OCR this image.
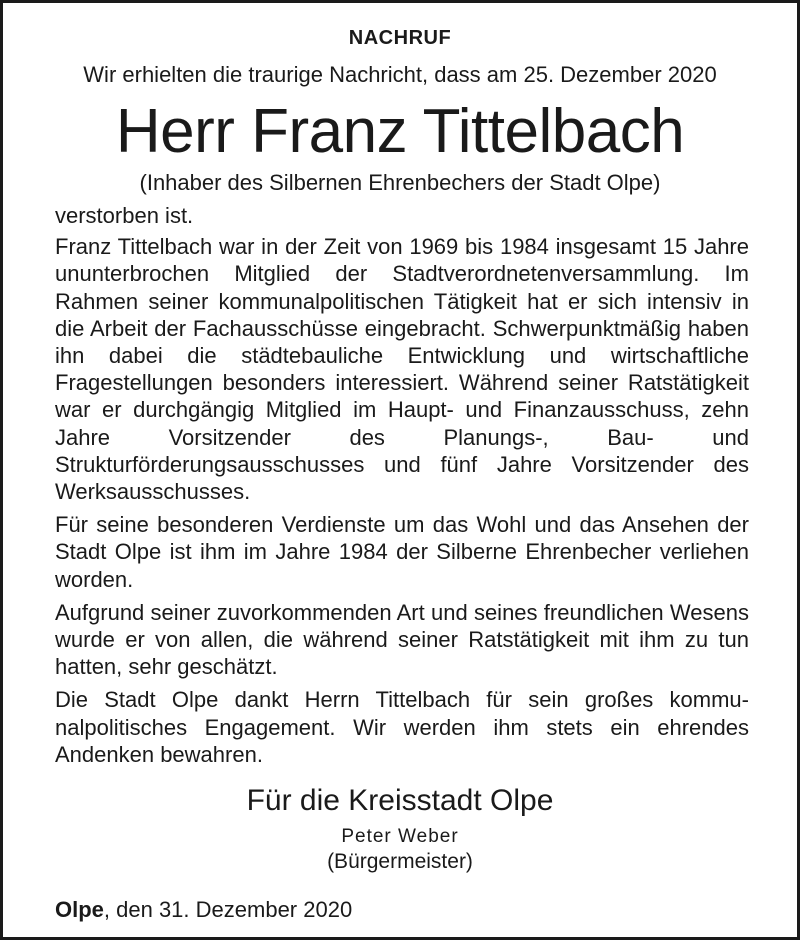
NACHRUF
Wir erhielten die traurige Nachricht, dass am 25. Dezember 2020
Herr Franz Tittelbach
(Inhaber des Silbernen Ehrenbechers der Stadt Olpe)

verstorben ist.

Franz Tittelbach war in der Zeit von 1969 bis 1984 insgesamt 15 Jahre ununterbrochen Mitglied der Stadtverordnetenversammlung. Im Rahmen seiner kommunalpolitischen Tätigkeit hat er sich intensiv in die Arbeit der Fachausschüsse eingebracht. Schwerpunktmäßig haben ihn dabei die städtebauliche Entwicklung und wirtschaftliche Fragestellungen besonders interessiert. Während seiner Ratstätigkeit war er durchgängig Mitglied im Haupt- und Finanzausschuss, zehn Jahre Vorsitzender des Planungs-, Bau- und Strukturförderungsausschusses und fünf Jahre Vorsitzender des Werksausschusses.

Für seine besonderen Verdienste um das Wohl und das Ansehen der Stadt Olpe ist ihm im Jahre 1984 der Silberne Ehrenbecher verliehen worden.

Aufgrund seiner zuvorkommenden Art und seines freundlichen Wesens wurde er von allen, die während seiner Ratstätigkeit mit ihm zu tun hatten, sehr geschätzt.

Die Stadt Olpe dankt Herrn Tittelbach für sein großes kommunalpolitisches Engagement. Wir werden ihm stets ein ehrendes Andenken bewahren.

Für die Kreisstadt Olpe
Peter Weber
(Bürgermeister)
Olpe, den 31. Dezember 2020
